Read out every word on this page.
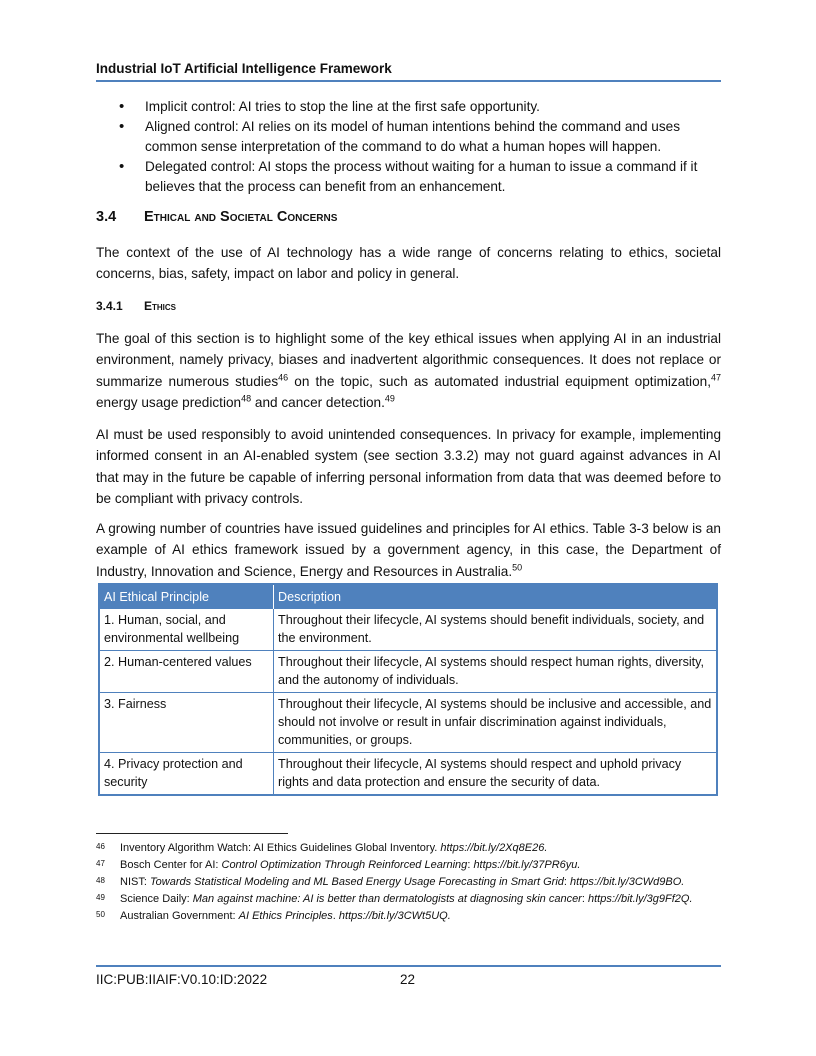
Industrial IoT Artificial Intelligence Framework
• Implicit control: AI tries to stop the line at the first safe opportunity.
• Aligned control: AI relies on its model of human intentions behind the command and uses common sense interpretation of the command to do what a human hopes will happen.
• Delegated control: AI stops the process without waiting for a human to issue a command if it believes that the process can benefit from an enhancement.
3.4 Ethical and Societal Concerns

The context of the use of AI technology has a wide range of concerns relating to ethics, societal concerns, bias, safety, impact on labor and policy in general.

3.4.1 Ethics

The goal of this section is to highlight some of the key ethical issues when applying AI in an industrial environment, namely privacy, biases and inadvertent algorithmic consequences. It does not replace or summarize numerous studies$^{46}$ on the topic, such as automated industrial equipment optimization,$^{47}$ energy usage prediction$^{48}$ and cancer detection.$^{49}$

AI must be used responsibly to avoid unintended consequences. In privacy for example, implementing informed consent in an AI-enabled system (see section 3.3.2) may not guard against advances in AI that may in the future be capable of inferring personal information from data that was deemed before to be compliant with privacy controls.

A growing number of countries have issued guidelines and principles for AI ethics. Table 3-3 below is an example of AI ethics framework issued by a government agency, in this case, the Department of Industry, Innovation and Science, Energy and Resources in Australia.$^{50}$

AI Ethical Principle	Description
1. Human, social, and environmental wellbeing	Throughout their lifecycle, AI systems should benefit individuals, society, and the environment.
2. Human-centered values	Throughout their lifecycle, AI systems should respect human rights, diversity, and the autonomy of individuals.
3. Fairness	Throughout their lifecycle, AI systems should be inclusive and accessible, and should not involve or result in unfair discrimination against individuals, communities, or groups.
4. Privacy protection and security	Throughout their lifecycle, AI systems should respect and uphold privacy rights and data protection and ensure the security of data.
46 Inventory Algorithm Watch: AI Ethics Guidelines Global Inventory. https://bit.ly/2Xq8E26.
47 Bosch Center for AI: Control Optimization Through Reinforced Learning: https://bit.ly/37PR6yu.
48 NIST: Towards Statistical Modeling and ML Based Energy Usage Forecasting in Smart Grid: https://bit.ly/3CWd9BO.
49 Science Daily: Man against machine: AI is better than dermatologists at diagnosing skin cancer: https://bit.ly/3g9Ff2Q.
50 Australian Government: AI Ethics Principles. https://bit.ly/3CWt5UQ.
IIC:PUB:IIAIF:V0.10:ID:2022	22
